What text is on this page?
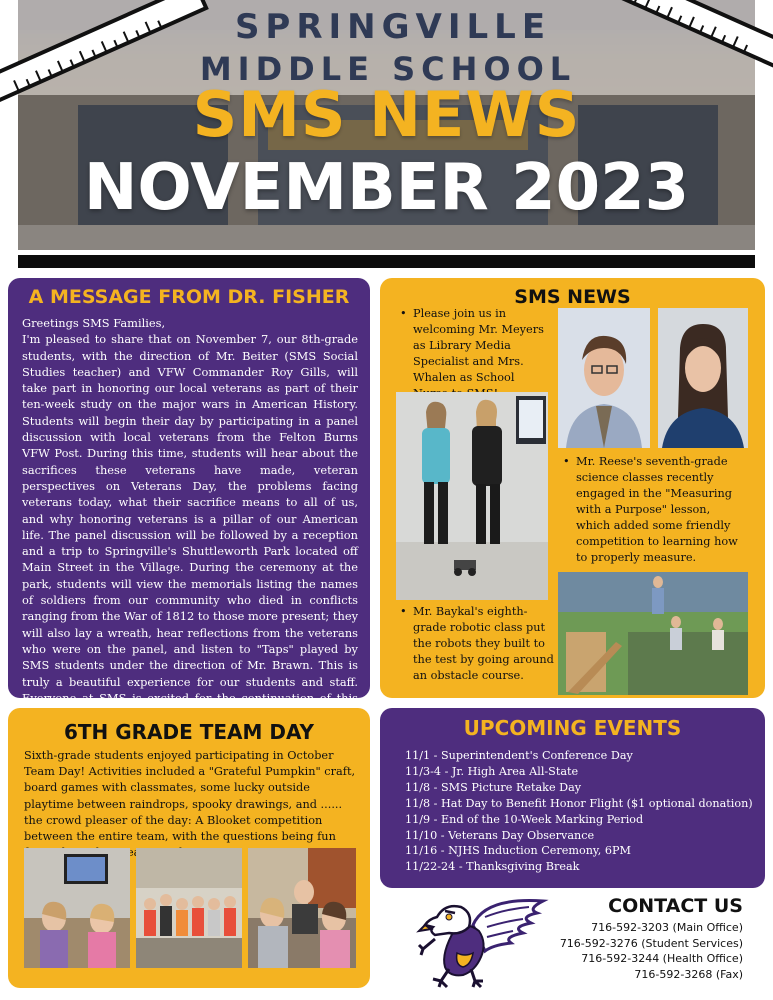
SPRINGVILLE
MIDDLE SCHOOL
SMS NEWS
NOVEMBER 2023
A MESSAGE FROM DR. FISHER
Greetings SMS Families,
I'm pleased to share that on November 7, our 8th-grade students, with the direction of Mr. Beiter (SMS Social Studies teacher) and VFW Commander Roy Gills, will take part in honoring our local veterans as part of their ten-week study on the major wars in American History. Students will begin their day by participating in a panel discussion with local veterans from the Felton Burns VFW Post. During this time, students will hear about the sacrifices these veterans have made, veteran perspectives on Veterans Day, the problems facing veterans today, what their sacrifice means to all of us, and why honoring veterans is a pillar of our American life. The panel discussion will be followed by a reception and a trip to Springville's Shuttleworth Park located off Main Street in the Village. During the ceremony at the park, students will view the memorials listing the names of soldiers from our community who died in conflicts ranging from the War of 1812 to those more present; they will also lay a wreath, hear reflections from the veterans who were on the panel, and listen to "Taps" played by SMS students under the direction of Mr. Brawn. This is truly a beautiful experience for our students and staff. Everyone at SMS is excited for the continuation of this
SMS NEWS
• Please join us in welcoming Mr. Meyers as Library Media Specialist and Mrs. Whalen as School
• Mr. Reese's seventh-grade science classes recently engaged in the "Measuring with a Purpose" lesson, which added some friendly competition to learning how to properly measure.
• Mr. Baykal's eighth-grade robotic class put the robots they built to the test by going around an obstacle course.
6TH GRADE TEAM DAY
Sixth-grade students enjoyed participating in October Team Day! Activities included a "Grateful Pumpkin" craft, board games with classmates, some lucky outside playtime between raindrops, spooky drawings, and ...... the crowd pleaser of the day: A Blooket competition between the entire team, with the questions being fun
UPCOMING EVENTS
11/1 - Superintendent's Conference Day
11/3-4 - Jr. High Area All-State
11/8 - SMS Picture Retake Day
11/8 - Hat Day to Benefit Honor Flight ($1 optional donation)
11/9 - End of the 10-Week Marking Period
11/10 - Veterans Day Observance
11/16 - NJHS Induction Ceremony, 6PM
11/22-24 - Thanksgiving Break
CONTACT US
716-592-3203 (Main Office)
716-592-3276 (Student Services)
716-592-3244 (Health Office)
716-592-3268 (Fax)
